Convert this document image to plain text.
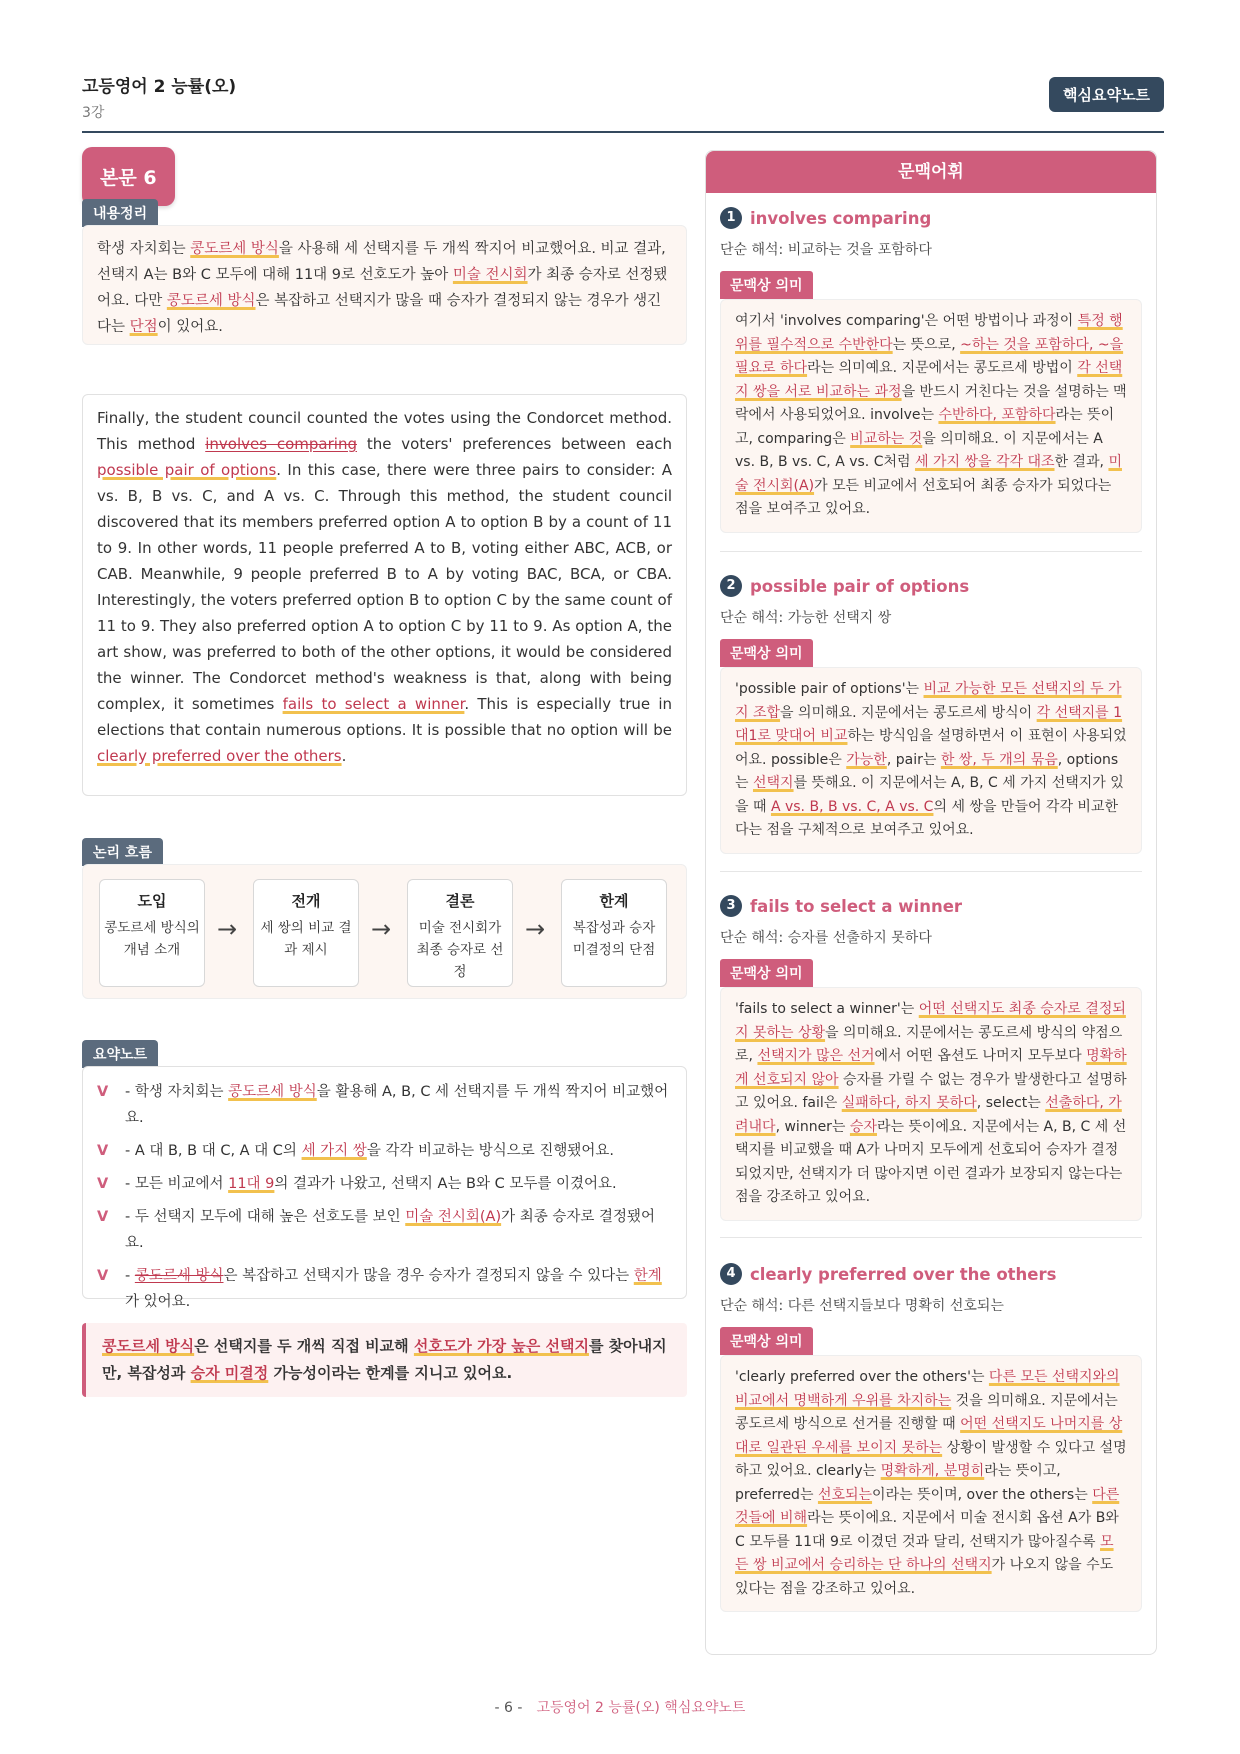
고등영어 2 능률(오)
3강
핵심요약노트
본문 6
내용정리
학생 자치회는 콩도르세 방식을 사용해 세 선택지를 두 개씩 짝지어 비교했어요. 비교 결과, 선택지 A는 B와 C 모두에 대해 11대 9로 선호도가 높아 미술 전시회가 최종 승자로 선정됐어요. 다만 콩도르세 방식은 복잡하고 선택지가 많을 때 승자가 결정되지 않는 경우가 생긴다는 단점이 있어요.
Finally, the student council counted the votes using the Condorcet method. This method involves comparing the voters' preferences between each possible pair of options. In this case, there were three pairs to consider: A vs. B, B vs. C, and A vs. C. Through this method, the student council discovered that its members preferred option A to option B by a count of 11 to 9. In other words, 11 people preferred A to B, voting either ABC, ACB, or CAB. Meanwhile, 9 people preferred B to A by voting BAC, BCA, or CBA. Interestingly, the voters preferred option B to option C by the same count of 11 to 9. They also preferred option A to option C by 11 to 9. As option A, the art show, was preferred to both of the other options, it would be considered the winner. The Condorcet method's weakness is that, along with being complex, it sometimes fails to select a winner. This is especially true in elections that contain numerous options. It is possible that no option will be clearly preferred over the others.
논리 흐름
도입
콩도르세 방식의 개념 소개
→
전개
세 쌍의 비교 결과 제시
→
결론
미술 전시회가 최종 승자로 선정
→
한계
복잡성과 승자 미결정의 단점
요약노트
V	- 학생 자치회는 콩도르세 방식을 활용해 A, B, C 세 선택지를 두 개씩 짝지어 비교했어요.
V	- A 대 B, B 대 C, A 대 C의 세 가지 쌍을 각각 비교하는 방식으로 진행됐어요.
V	- 모든 비교에서 11대 9의 결과가 나왔고, 선택지 A는 B와 C 모두를 이겼어요.
V	- 두 선택지 모두에 대해 높은 선호도를 보인 미술 전시회(A)가 최종 승자로 결정됐어요.
V	- 콩도르세 방식은 복잡하고 선택지가 많을 경우 승자가 결정되지 않을 수 있다는 한계가 있어요.
콩도르세 방식은 선택지를 두 개씩 직접 비교해 선호도가 가장 높은 선택지를 찾아내지만, 복잡성과 승자 미결정 가능성이라는 한계를 지니고 있어요.
문맥어휘
1 involves comparing
단순 해석: 비교하는 것을 포함하다
문맥상 의미
여기서 'involves comparing'은 어떤 방법이나 과정이 특정 행위를 필수적으로 수반한다는 뜻으로, ~하는 것을 포함하다, ~을 필요로 하다라는 의미예요. 지문에서는 콩도르세 방법이 각 선택지 쌍을 서로 비교하는 과정을 반드시 거친다는 것을 설명하는 맥락에서 사용되었어요. involve는 수반하다, 포함하다라는 뜻이고, comparing은 비교하는 것을 의미해요. 이 지문에서는 A vs. B, B vs. C, A vs. C처럼 세 가지 쌍을 각각 대조한 결과, 미술 전시회(A)가 모든 비교에서 선호되어 최종 승자가 되었다는 점을 보여주고 있어요.
2 possible pair of options
단순 해석: 가능한 선택지 쌍
문맥상 의미
'possible pair of options'는 비교 가능한 모든 선택지의 두 가지 조합을 의미해요. 지문에서는 콩도르세 방식이 각 선택지를 1대1로 맞대어 비교하는 방식임을 설명하면서 이 표현이 사용되었어요. possible은 가능한, pair는 한 쌍, 두 개의 묶음, options는 선택지를 뜻해요. 이 지문에서는 A, B, C 세 가지 선택지가 있을 때 A vs. B, B vs. C, A vs. C의 세 쌍을 만들어 각각 비교한다는 점을 구체적으로 보여주고 있어요.
3 fails to select a winner
단순 해석: 승자를 선출하지 못하다
문맥상 의미
'fails to select a winner'는 어떤 선택지도 최종 승자로 결정되지 못하는 상황을 의미해요. 지문에서는 콩도르세 방식의 약점으로, 선택지가 많은 선거에서 어떤 옵션도 나머지 모두보다 명확하게 선호되지 않아 승자를 가릴 수 없는 경우가 발생한다고 설명하고 있어요. fail은 실패하다, 하지 못하다, select는 선출하다, 가려내다, winner는 승자라는 뜻이에요. 지문에서는 A, B, C 세 선택지를 비교했을 때 A가 나머지 모두에게 선호되어 승자가 결정되었지만, 선택지가 더 많아지면 이런 결과가 보장되지 않는다는 점을 강조하고 있어요.
4 clearly preferred over the others
단순 해석: 다른 선택지들보다 명확히 선호되는
문맥상 의미
'clearly preferred over the others'는 다른 모든 선택지와의 비교에서 명백하게 우위를 차지하는 것을 의미해요. 지문에서는 콩도르세 방식으로 선거를 진행할 때 어떤 선택지도 나머지를 상대로 일관된 우세를 보이지 못하는 상황이 발생할 수 있다고 설명하고 있어요. clearly는 명확하게, 분명히라는 뜻이고, preferred는 선호되는이라는 뜻이며, over the others는 다른 것들에 비해라는 뜻이에요. 지문에서 미술 전시회 옵션 A가 B와 C 모두를 11대 9로 이겼던 것과 달리, 선택지가 많아질수록 모든 쌍 비교에서 승리하는 단 하나의 선택지가 나오지 않을 수도 있다는 점을 강조하고 있어요.
- 6 - 고등영어 2 능률(오) 핵심요약노트
